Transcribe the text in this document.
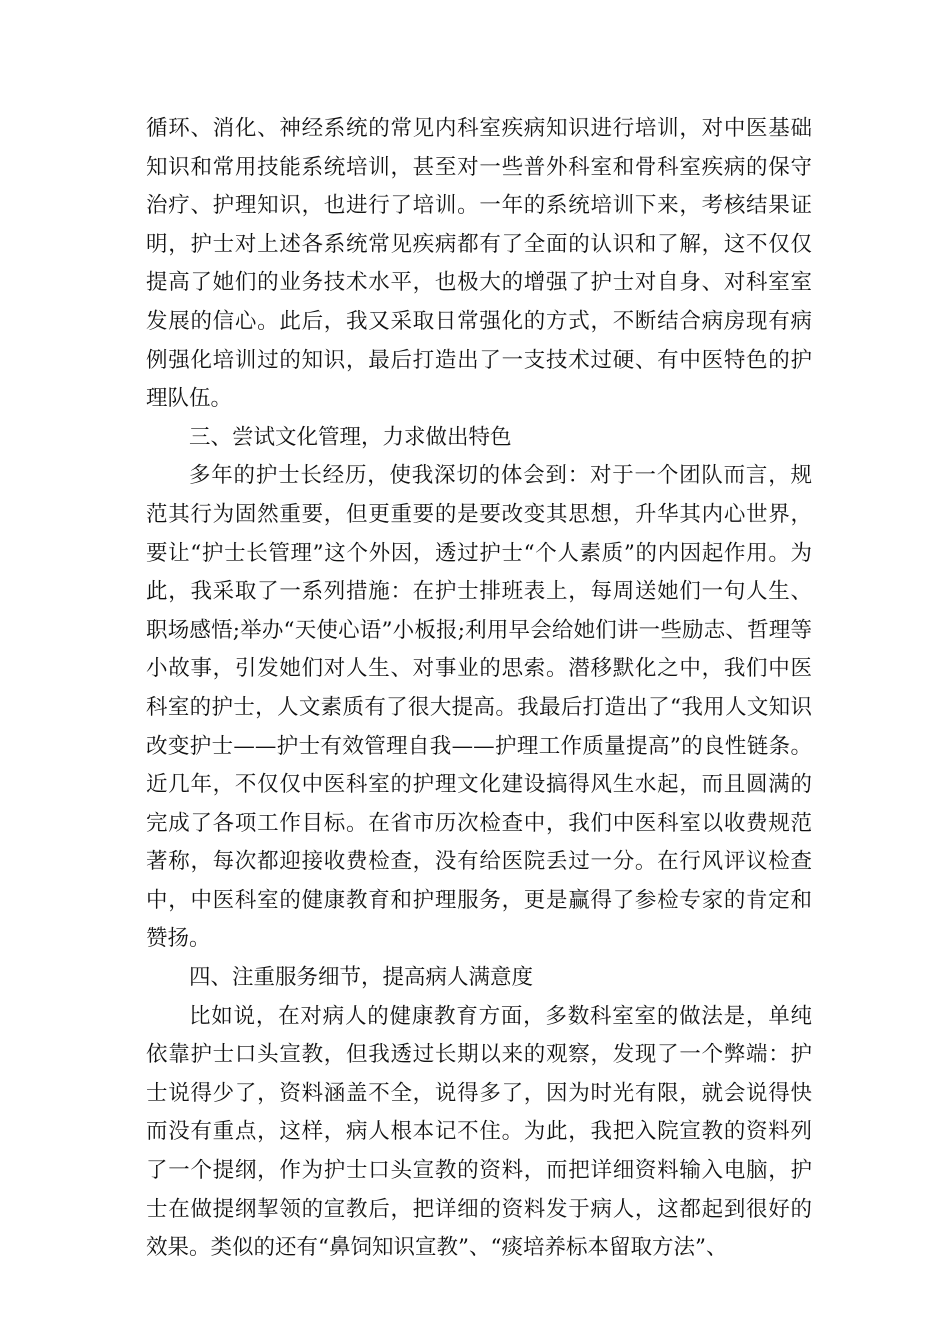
循环、消化、神经系统的常见内科室疾病知识进行培训，对中医基础知识和常用技能系统培训，甚至对一些普外科室和骨科室疾病的保守治疗、护理知识，也进行了培训。一年的系统培训下来，考核结果证明，护士对上述各系统常见疾病都有了全面的认识和了解，这不仅仅提高了她们的业务技术水平，也极大的增强了护士对自身、对科室室发展的信心。此后，我又采取日常强化的方式，不断结合病房现有病例强化培训过的知识，最后打造出了一支技术过硬、有中医特色的护理队伍。

三、尝试文化管理，力求做出特色

多年的护士长经历，使我深切的体会到：对于一个团队而言，规范其行为固然重要，但更重要的是要改变其思想，升华其内心世界，要让“护士长管理”这个外因，透过护士“个人素质”的内因起作用。为此，我采取了一系列措施：在护士排班表上，每周送她们一句人生、职场感悟;举办“天使心语”小板报;利用早会给她们讲一些励志、哲理等小故事，引发她们对人生、对事业的思索。潜移默化之中，我们中医科室的护士，人文素质有了很大提高。我最后打造出了“我用人文知识改变护士——护士有效管理自我——护理工作质量提高”的良性链条。近几年，不仅仅中医科室的护理文化建设搞得风生水起，而且圆满的完成了各项工作目标。在省市历次检查中，我们中医科室以收费规范著称，每次都迎接收费检查，没有给医院丢过一分。在行风评议检查中，中医科室的健康教育和护理服务，更是赢得了参检专家的肯定和赞扬。

四、注重服务细节，提高病人满意度

比如说，在对病人的健康教育方面，多数科室室的做法是，单纯依靠护士口头宣教，但我透过长期以来的观察，发现了一个弊端：护士说得少了，资料涵盖不全，说得多了，因为时光有限，就会说得快而没有重点，这样，病人根本记不住。为此，我把入院宣教的资料列了一个提纲，作为护士口头宣教的资料，而把详细资料输入电脑，护士在做提纲挈领的宣教后，把详细的资料发于病人，这都起到很好的效果。类似的还有“鼻饲知识宣教”、“痰培养标本留取方法”、
